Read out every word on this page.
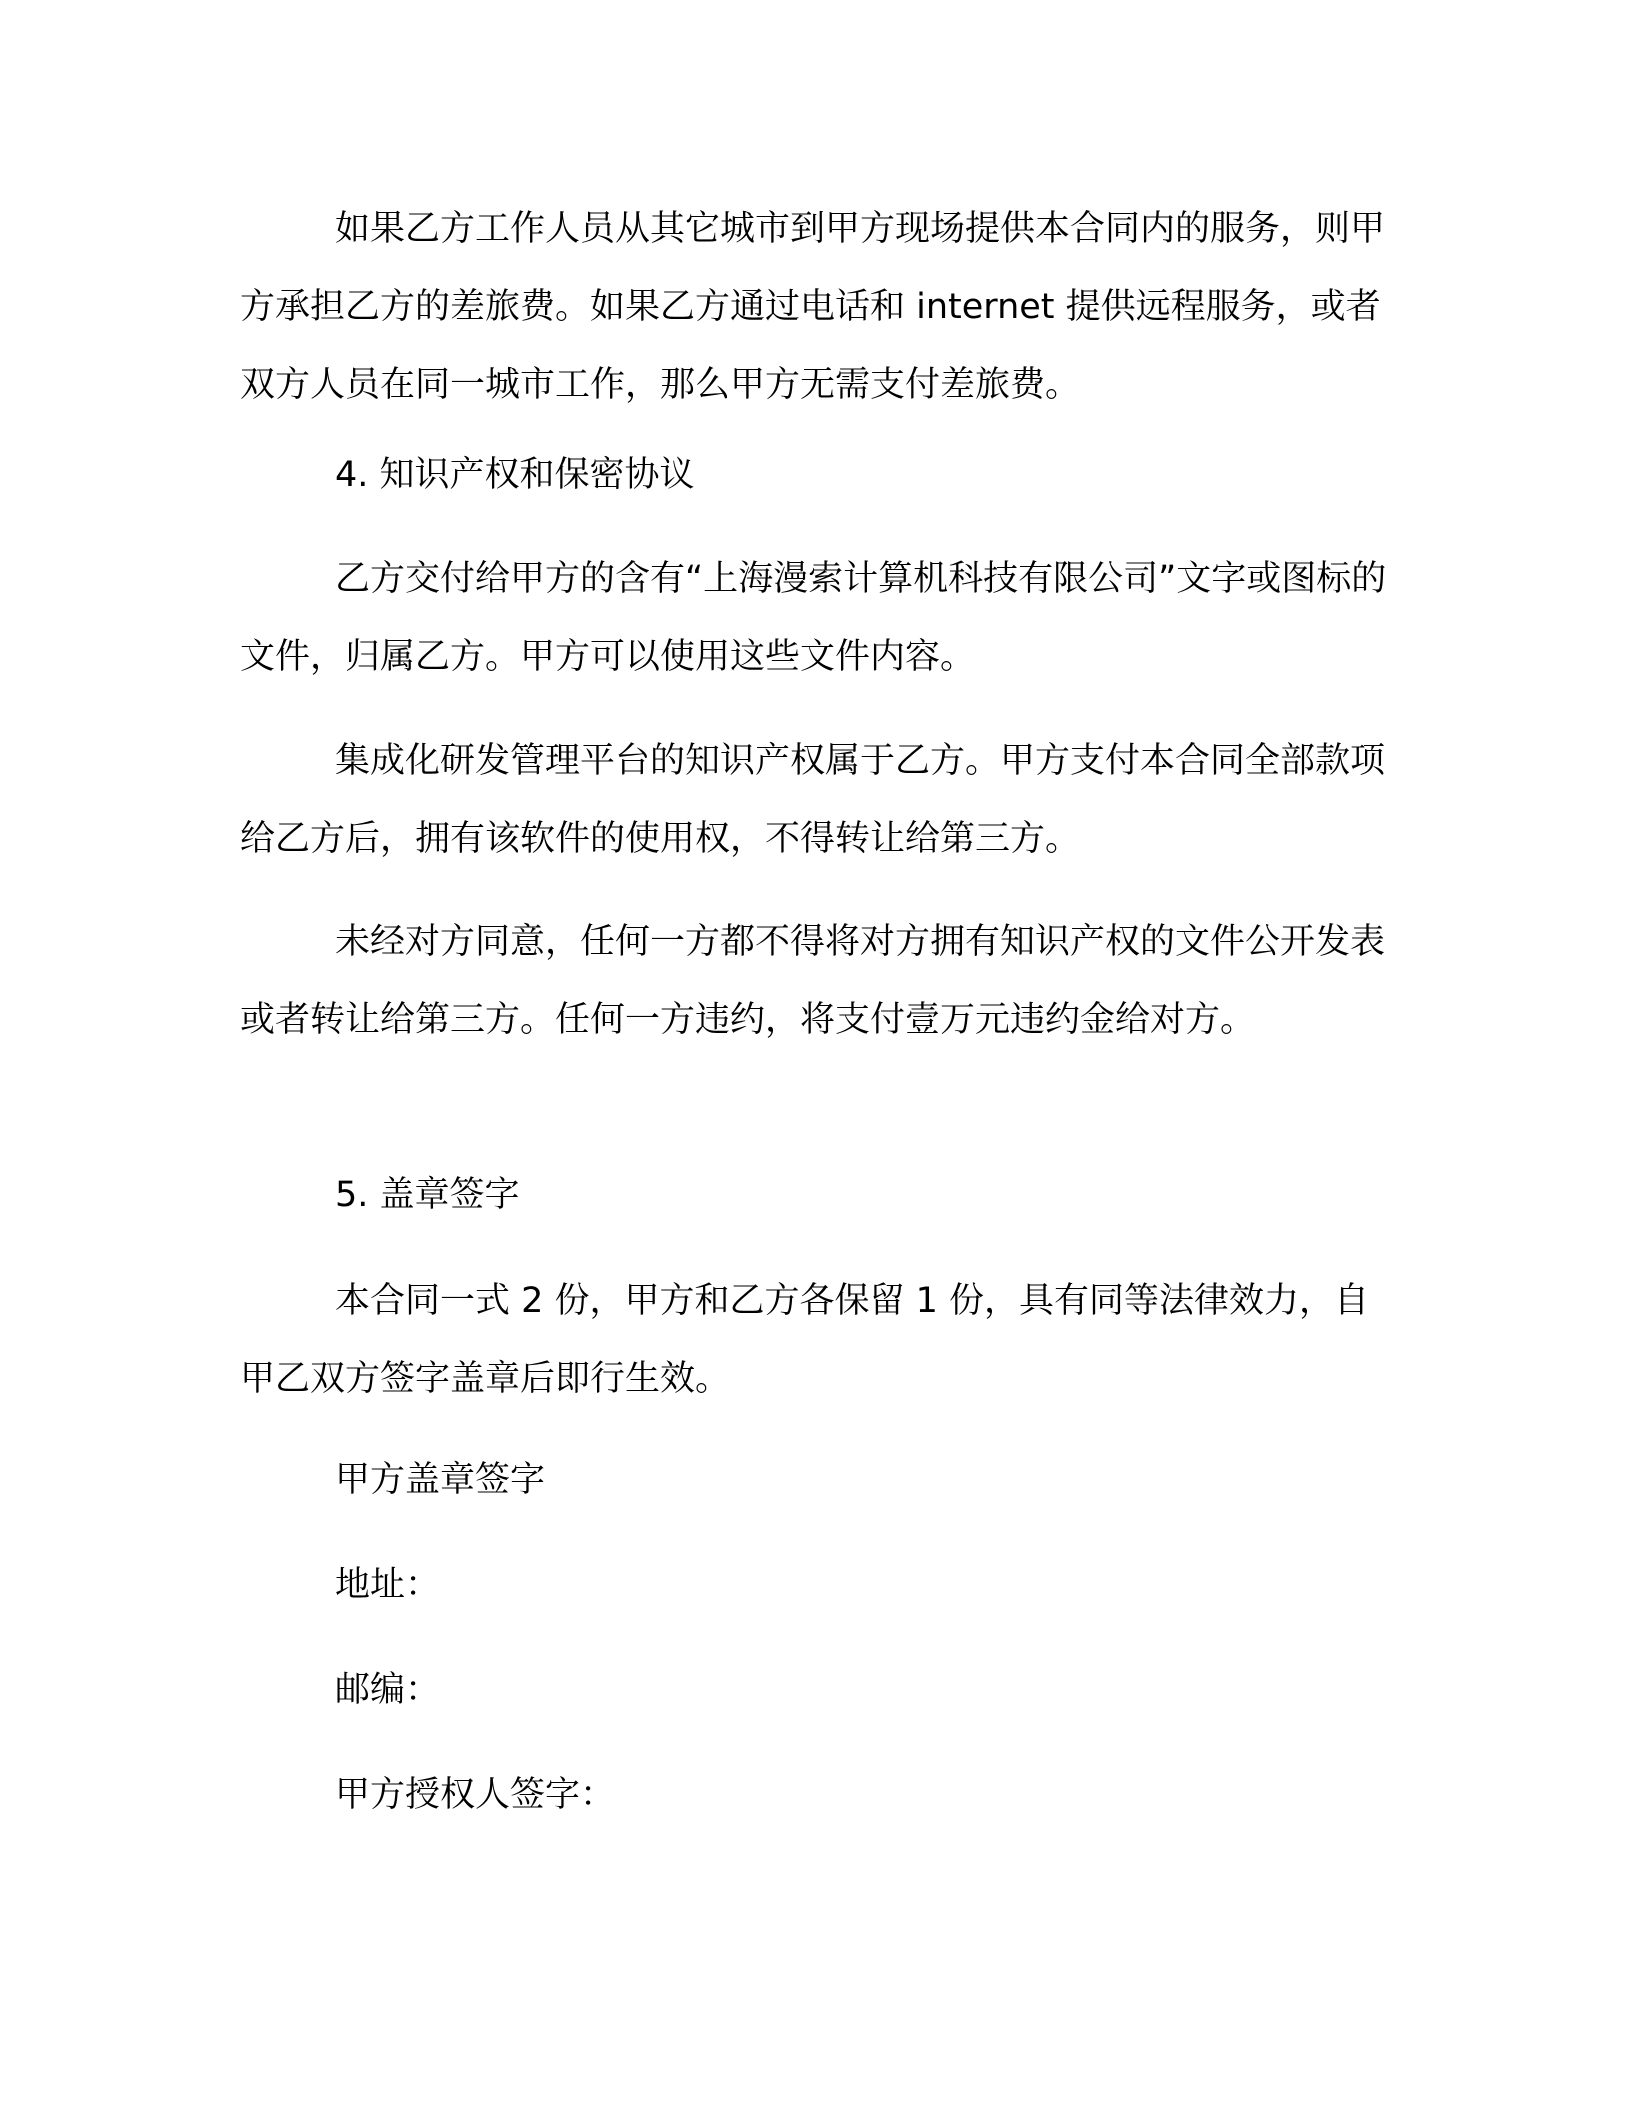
如果乙方工作人员从其它城市到甲方现场提供本合同内的服务，则甲方承担乙方的差旅费。如果乙方通过电话和 internet 提供远程服务，或者双方人员在同一城市工作，那么甲方无需支付差旅费。
4. 知识产权和保密协议
乙方交付给甲方的含有“上海漫索计算机科技有限公司”文字或图标的文件，归属乙方。甲方可以使用这些文件内容。
集成化研发管理平台的知识产权属于乙方。甲方支付本合同全部款项给乙方后，拥有该软件的使用权，不得转让给第三方。
未经对方同意，任何一方都不得将对方拥有知识产权的文件公开发表或者转让给第三方。任何一方违约，将支付壹万元违约金给对方。
5. 盖章签字
本合同一式 2 份，甲方和乙方各保留 1 份，具有同等法律效力，自甲乙双方签字盖章后即行生效。
甲方盖章签字
地址：
邮编：
甲方授权人签字：
